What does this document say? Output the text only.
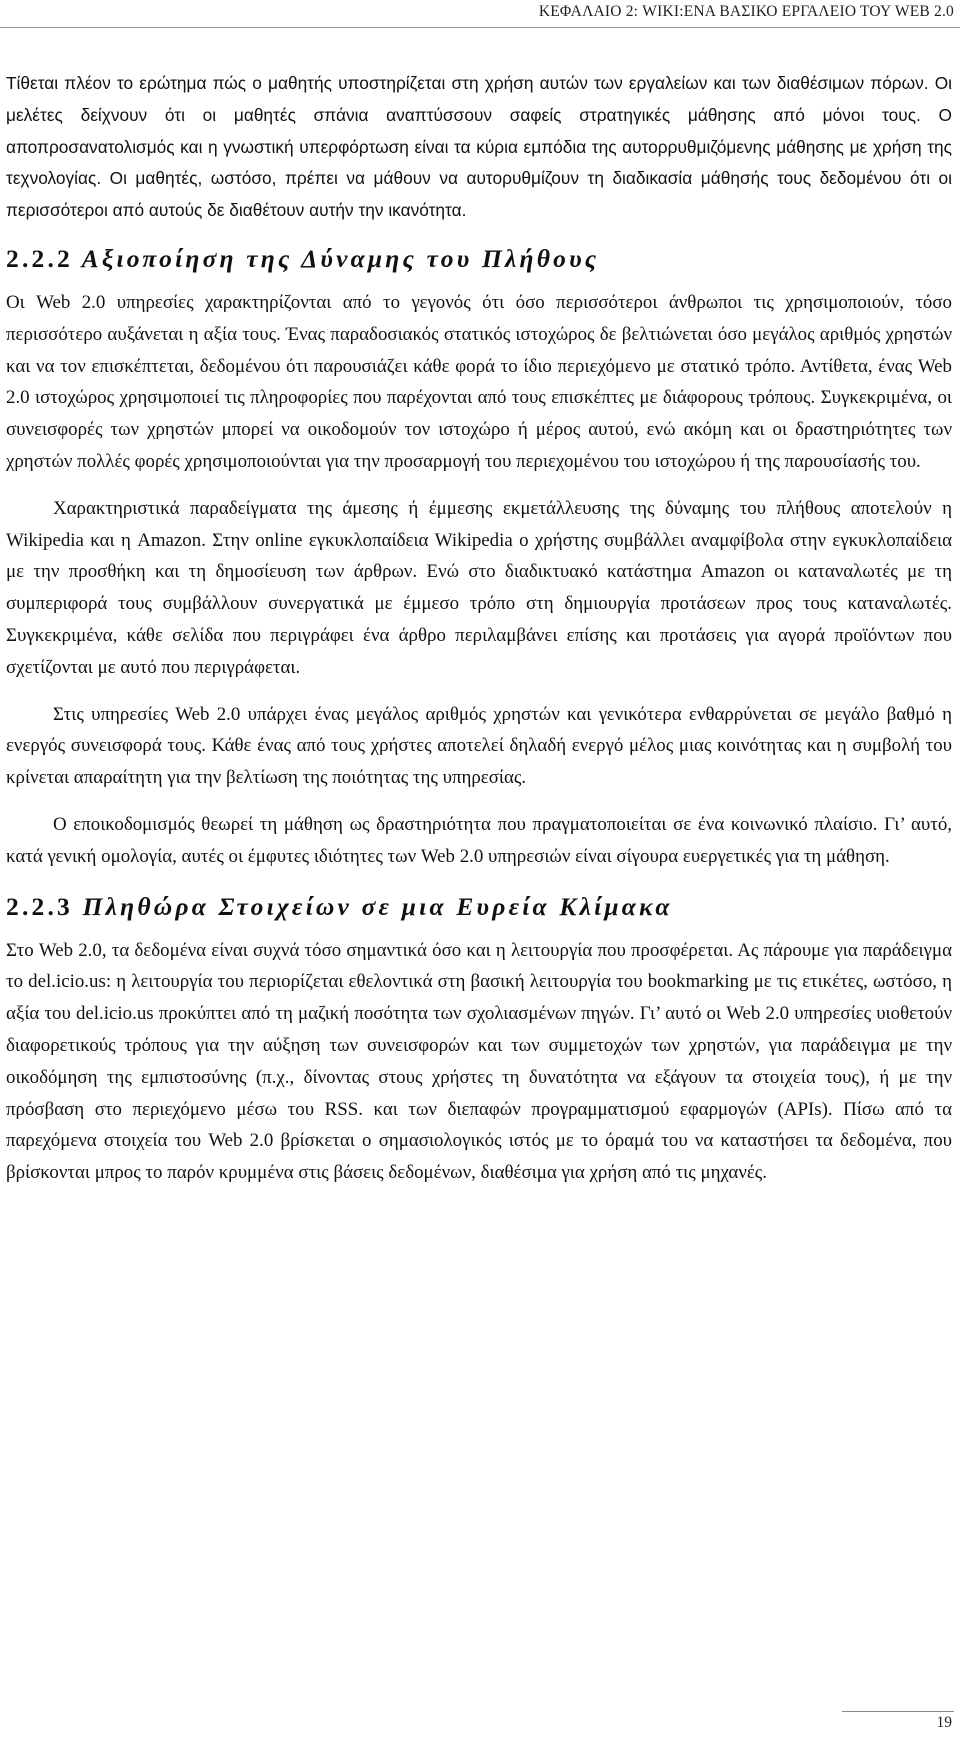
ΚΕΦΑΛΑΙΟ 2: WIKI:ΕΝΑ ΒΑΣΙΚΟ ΕΡΓΑΛΕΙΟ ΤΟΥ WEB 2.0

Τίθεται πλέον το ερώτημα πώς ο μαθητής υποστηρίζεται στη χρήση αυτών των εργαλείων και των διαθέσιμων πόρων. Οι μελέτες δείχνουν ότι οι μαθητές σπάνια αναπτύσσουν σαφείς στρατηγικές μάθησης από μόνοι τους. Ο αποπροσανατολισμός και η γνωστική υπερφόρτωση είναι τα κύρια εμπόδια της αυτορρυθμιζόμενης μάθησης με χρήση της τεχνολογίας. Οι μαθητές, ωστόσο, πρέπει να μάθουν να αυτορυθμίζουν τη διαδικασία μάθησής τους δεδομένου ότι οι περισσότεροι από αυτούς δε διαθέτουν αυτήν την ικανότητα.

2.2.2 Αξιοποίηση της Δύναμης του Πλήθους

Οι Web 2.0 υπηρεσίες χαρακτηρίζονται από το γεγονός ότι όσο περισσότεροι άνθρωποι τις χρησιμοποιούν, τόσο περισσότερο αυξάνεται η αξία τους. Ένας παραδοσιακός στατικός ιστοχώρος δε βελτιώνεται όσο μεγάλος αριθμός χρηστών και να τον επισκέπτεται, δεδομένου ότι παρουσιάζει κάθε φορά το ίδιο περιεχόμενο με στατικό τρόπο. Αντίθετα, ένας Web 2.0 ιστοχώρος χρησιμοποιεί τις πληροφορίες που παρέχονται από τους επισκέπτες με διάφορους τρόπους. Συγκεκριμένα, οι συνεισφορές των χρηστών μπορεί να οικοδομούν τον ιστοχώρο ή μέρος αυτού, ενώ ακόμη και οι δραστηριότητες των χρηστών πολλές φορές χρησιμοποιούνται για την προσαρμογή του περιεχομένου του ιστοχώρου ή της παρουσίασής του.

Χαρακτηριστικά παραδείγματα της άμεσης ή έμμεσης εκμετάλλευσης της δύναμης του πλήθους αποτελούν η Wikipedia και η Amazon. Στην online εγκυκλοπαίδεια Wikipedia ο χρήστης συμβάλλει αναμφίβολα στην εγκυκλοπαίδεια με την προσθήκη και τη δημοσίευση των άρθρων. Ενώ στο διαδικτυακό κατάστημα Amazon οι καταναλωτές με τη συμπεριφορά τους συμβάλλουν συνεργατικά με έμμεσο τρόπο στη δημιουργία προτάσεων προς τους καταναλωτές. Συγκεκριμένα, κάθε σελίδα που περιγράφει ένα άρθρο περιλαμβάνει επίσης και προτάσεις για αγορά προϊόντων που σχετίζονται με αυτό που περιγράφεται.

Στις υπηρεσίες Web 2.0 υπάρχει ένας μεγάλος αριθμός χρηστών και γενικότερα ενθαρρύνεται σε μεγάλο βαθμό η ενεργός συνεισφορά τους. Κάθε ένας από τους χρήστες αποτελεί δηλαδή ενεργό μέλος μιας κοινότητας και η συμβολή του κρίνεται απαραίτητη για την βελτίωση της ποιότητας της υπηρεσίας.

Ο εποικοδομισμός θεωρεί τη μάθηση ως δραστηριότητα που πραγματοποιείται σε ένα κοινωνικό πλαίσιο. Γι’ αυτό, κατά γενική ομολογία, αυτές οι έμφυτες ιδιότητες των Web 2.0 υπηρεσιών είναι σίγουρα ευεργετικές για τη μάθηση.

2.2.3 Πληθώρα Στοιχείων σε μια Ευρεία Κλίμακα

Στο Web 2.0, τα δεδομένα είναι συχνά τόσο σημαντικά όσο και η λειτουργία που προσφέρεται. Ας πάρουμε για παράδειγμα το del.icio.us: η λειτουργία του περιορίζεται εθελοντικά στη βασική λειτουργία του bookmarking με τις ετικέτες, ωστόσο, η αξία του del.icio.us προκύπτει από τη μαζική ποσότητα των σχολιασμένων πηγών. Γι’ αυτό οι Web 2.0 υπηρεσίες υιοθετούν διαφορετικούς τρόπους για την αύξηση των συνεισφορών και των συμμετοχών των χρηστών, για παράδειγμα με την οικοδόμηση της εμπιστοσύνης (π.χ., δίνοντας στους χρήστες τη δυνατότητα να εξάγουν τα στοιχεία τους), ή με την πρόσβαση στο περιεχόμενο μέσω του RSS. και των διεπαφών προγραμματισμού εφαρμογών (APIs). Πίσω από τα παρεχόμενα στοιχεία του Web 2.0 βρίσκεται ο σημασιολογικός ιστός με το όραμά του να καταστήσει τα δεδομένα, που βρίσκονται μπρος το παρόν κρυμμένα στις βάσεις δεδομένων, διαθέσιμα για χρήση από τις μηχανές.

19
